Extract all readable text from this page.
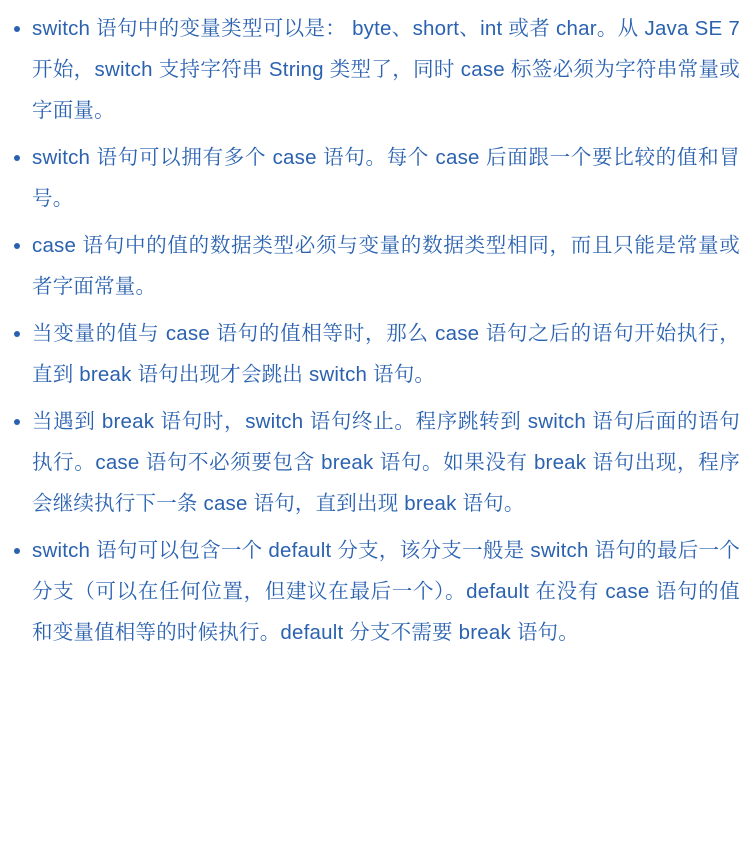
switch 语句中的变量类型可以是： byte、short、int 或者 char。从 Java SE 7 开始，switch 支持字符串 String 类型了，同时 case 标签必须为字符串常量或字面量。
switch 语句可以拥有多个 case 语句。每个 case 后面跟一个要比较的值和冒号。
case 语句中的值的数据类型必须与变量的数据类型相同，而且只能是常量或者字面常量。
当变量的值与 case 语句的值相等时，那么 case 语句之后的语句开始执行，直到 break 语句出现才会跳出 switch 语句。
当遇到 break 语句时，switch 语句终止。程序跳转到 switch 语句后面的语句执行。case 语句不必须要包含 break 语句。如果没有 break 语句出现，程序会继续执行下一条 case 语句，直到出现 break 语句。
switch 语句可以包含一个 default 分支，该分支一般是 switch 语句的最后一个分支（可以在任何位置，但建议在最后一个）。default 在没有 case 语句的值和变量值相等的时候执行。default 分支不需要 break 语句。
